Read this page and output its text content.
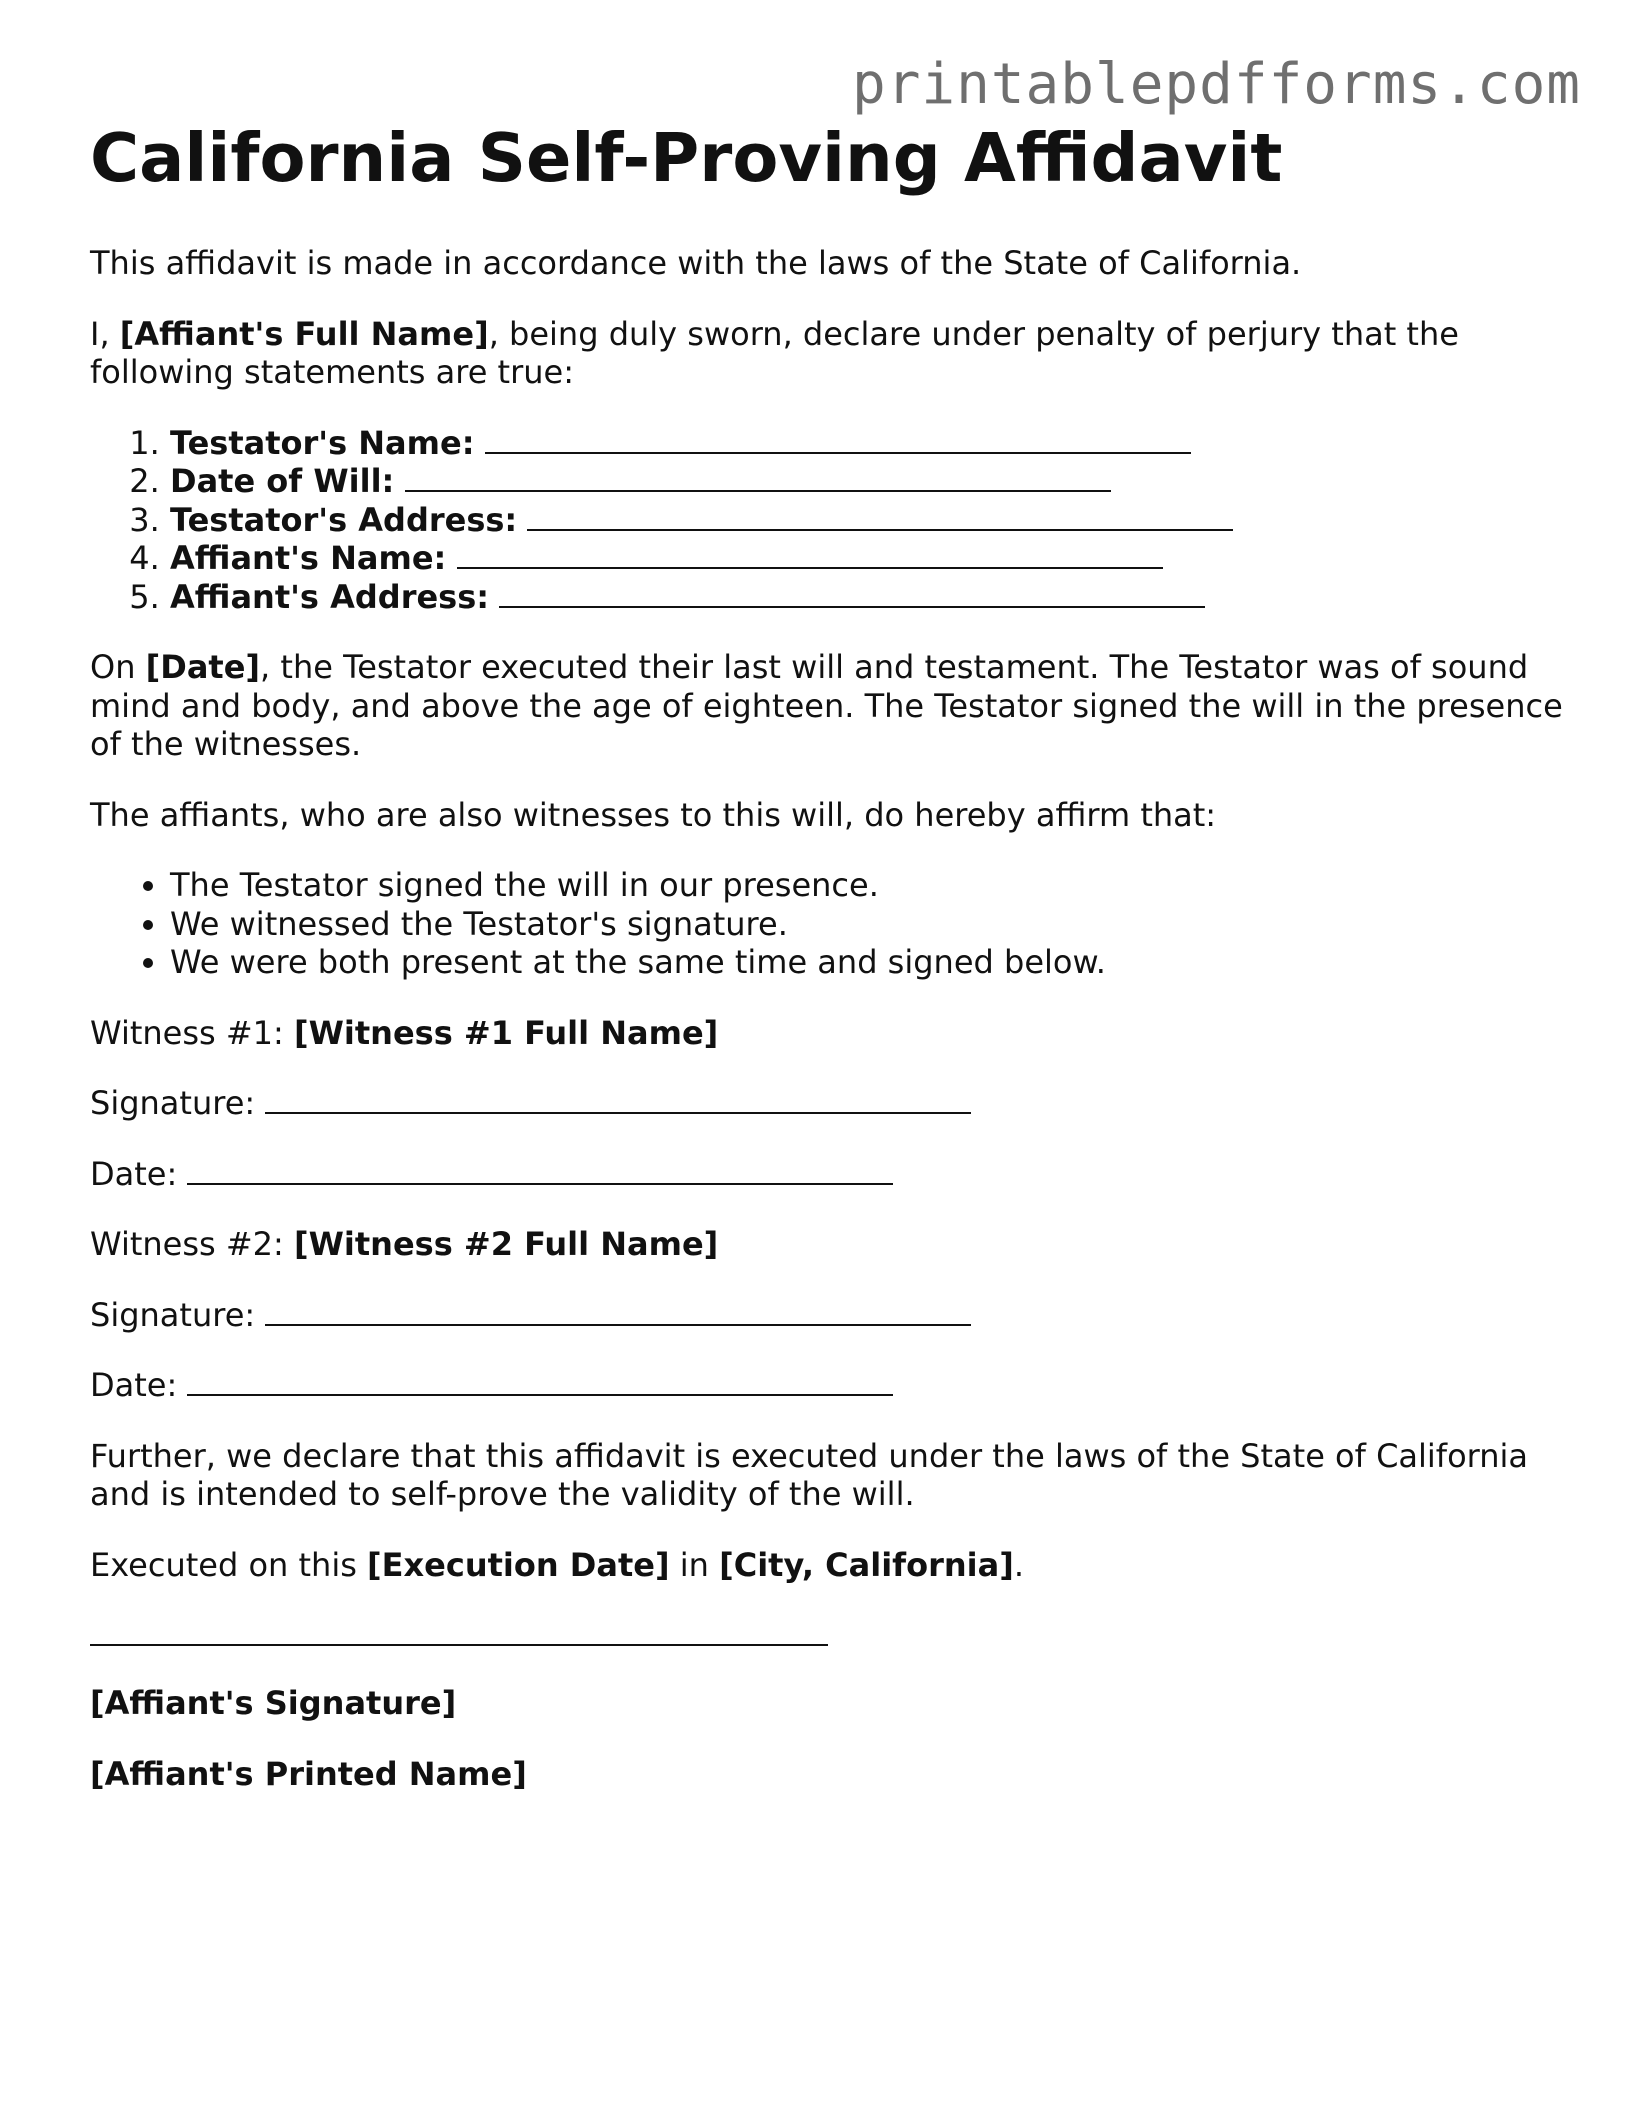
printablepdfforms.com
California Self-Proving Affidavit

This affidavit is made in accordance with the laws of the State of California.

I, [Affiant's Full Name], being duly sworn, declare under penalty of perjury that the following statements are true:

1. Testator's Name:
2. Date of Will:
3. Testator's Address:
4. Affiant's Name:
5. Affiant's Address:

On [Date], the Testator executed their last will and testament. The Testator was of sound mind and body, and above the age of eighteen. The Testator signed the will in the presence of the witnesses.

The affiants, who are also witnesses to this will, do hereby affirm that:

• The Testator signed the will in our presence.
• We witnessed the Testator's signature.
• We were both present at the same time and signed below.

Witness #1: [Witness #1 Full Name]

Signature:

Date:

Witness #2: [Witness #2 Full Name]

Signature:

Date:

Further, we declare that this affidavit is executed under the laws of the State of California and is intended to self-prove the validity of the will.

Executed on this [Execution Date] in [City, California].

[Affiant's Signature]

[Affiant's Printed Name]
